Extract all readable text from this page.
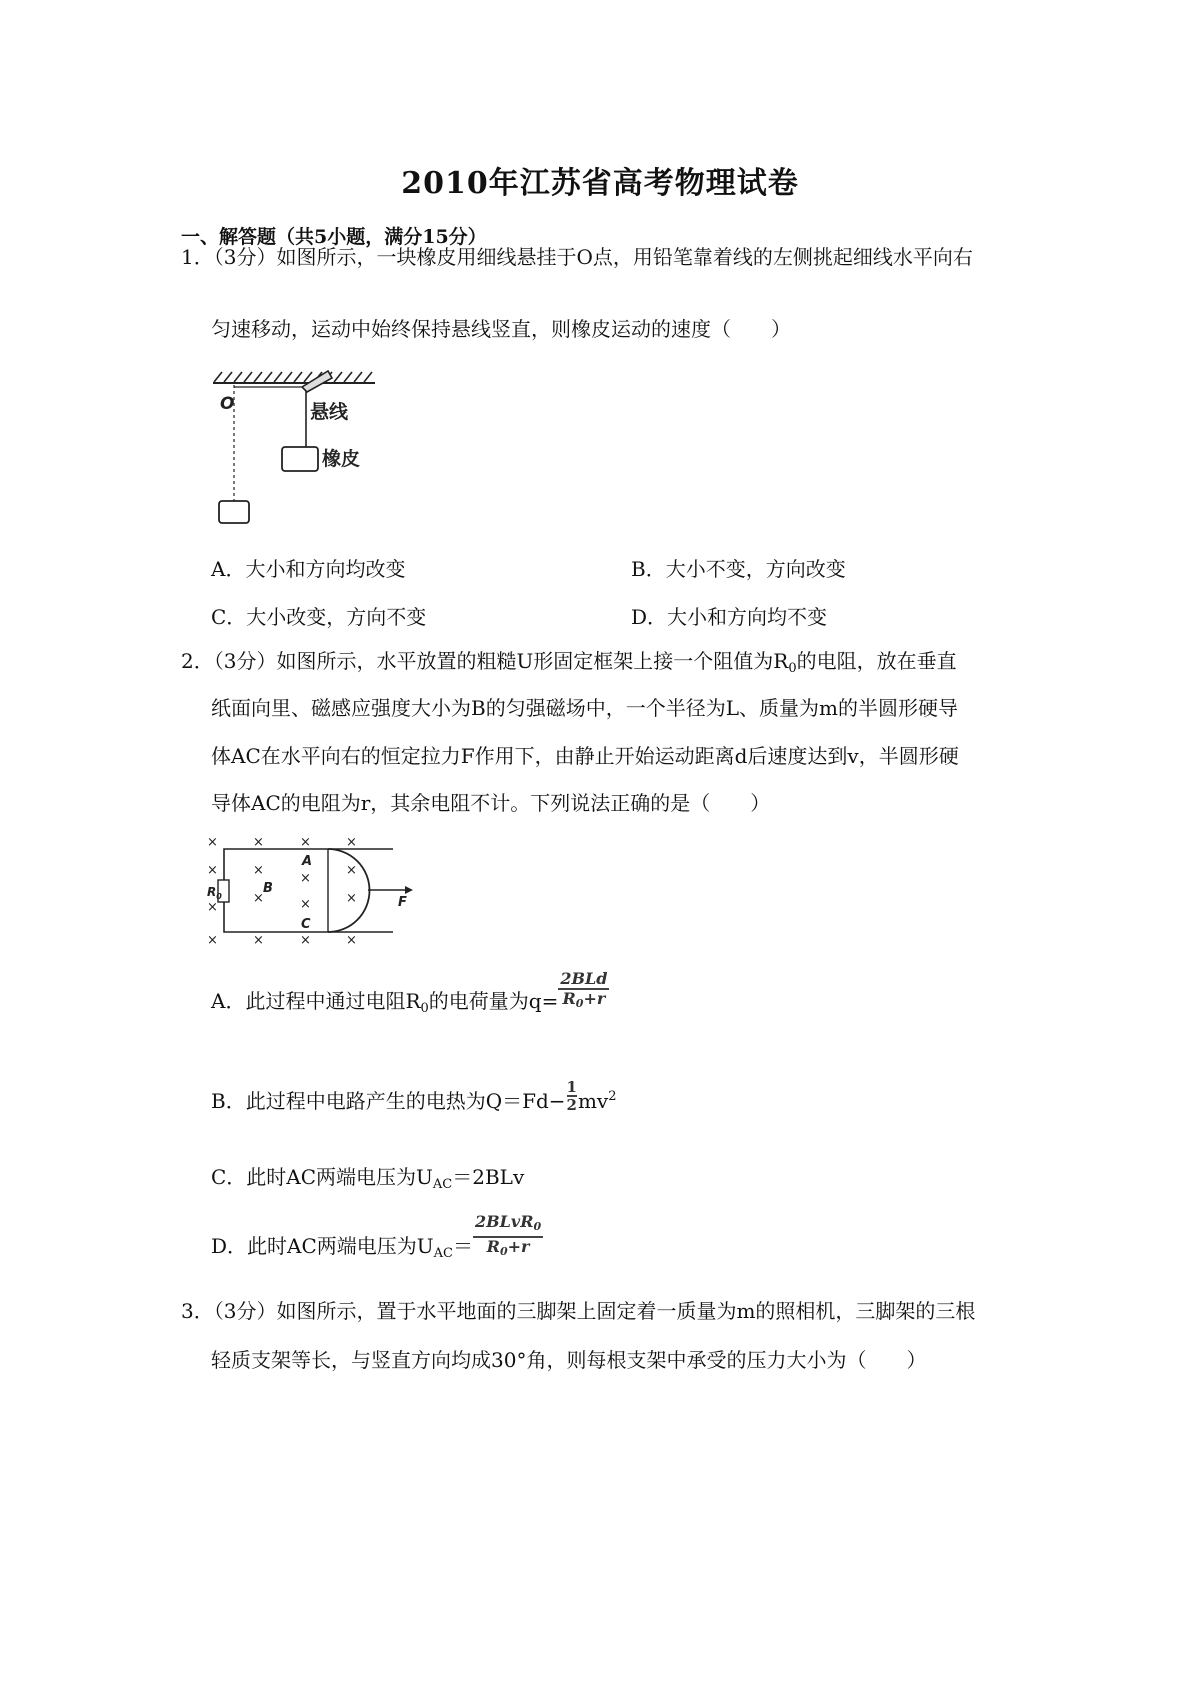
2010年江苏省高考物理试卷
一、解答题（共5小题，满分15分）
1．（3分）如图所示，一块橡皮用细线悬挂于O点，用铅笔靠着线的左侧挑起细线水平向右
匀速移动，运动中始终保持悬线竖直，则橡皮运动的速度（　　）
O	悬线
橡皮
A．大小和方向均改变	B．大小不变，方向改变
C．大小改变，方向不变	D．大小和方向均不变
2．（3分）如图所示，水平放置的粗糙U形固定框架上接一个阻值为$R_0$的电阻，放在垂直
纸面向里、磁感应强度大小为B的匀强磁场中，一个半径为L、质量为m的半圆形硬导
体AC在水平向右的恒定拉力F作用下，由静止开始运动距离d后速度达到v，半圆形硬
导体AC的电阻为r，其余电阻不计。下列说法正确的是（　　）
×	×	×	×
×	×
×
×
×
×	×	×
×	×	×	×
$R_0$
A
B
C
F
A．此过程中通过电阻$R_0$的电荷量为$q= \frac{\text{2BLd}}{R_0+r}$
B．此过程中电路产生的电热为$Q=Fd- \frac{1}{2} mv^2$
C．此时AC两端电压为$U_{AC}=2BLv$
D．此时AC两端电压为$U_{AC}= \frac{2BLvR_0}{R_0+r}$
3．（3分）如图所示，置于水平地面的三脚架上固定着一质量为m的照相机，三脚架的三根
轻质支架等长，与竖直方向均成30°角，则每根支架中承受的压力大小为（　　）
